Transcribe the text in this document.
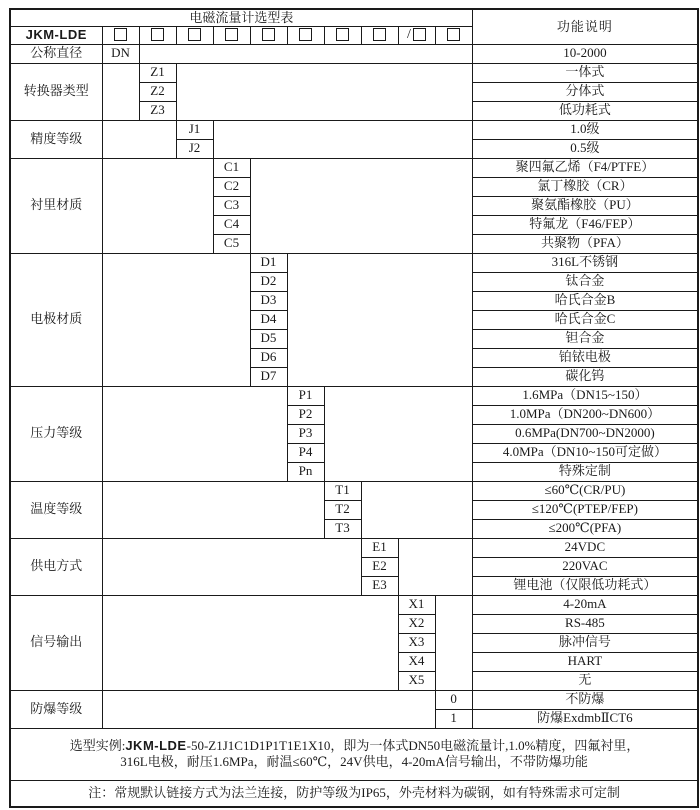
电磁流量计选型表											功能说明
JKM-LDE									/		
公称直径	DN										10-2000
转换器类型		Z1									一体式
		Z2									分体式
		Z3									低功耗式
精度等级			J1								1.0级
			J2								0.5级
衬里材质				C1							聚四氟乙烯（F4/PTFE）
				C2							氯丁橡胶（CR）
				C3							聚氨酯橡胶（PU）
				C4							特氟龙（F46/FEP）
				C5							共聚物（PFA）
电极材质					D1						316L不锈钢
					D2						钛合金
					D3						哈氏合金B
					D4						哈氏合金C
					D5						钽合金
					D6						铂铱电极
					D7						碳化钨
压力等级						P1					1.6MPa（DN15~150）
						P2					1.0MPa（DN200~DN600）
						P3					0.6MPa(DN700~DN2000)
						P4					4.0MPa（DN10~150可定做）
						Pn					特殊定制
温度等级							T1				≤60℃(CR/PU)
							T2				≤120℃(PTEP/FEP)
							T3				≤200℃(PFA)
供电方式								E1			24VDC
								E2			220VAC
								E3			锂电池（仅限低功耗式）
信号输出									X1		4-20mA
									X2		RS-485
									X3		脉冲信号
									X4		HART
									X5		无
防爆等级										0	不防爆
										1	防爆ExdmbⅡCT6

选型实例:JKM-LDE-50-Z1J1C1D1P1T1E1X10，即为一体式DN50电磁流量计,1.0%精度，四氟衬里，
316L电极，耐压1.6MPa，耐温≤60℃，24V供电，4-20mA信号输出，不带防爆功能											

注：常规默认链接方式为法兰连接，防护等级为IP65，外壳材料为碳钢，如有特殊需求可定制											
